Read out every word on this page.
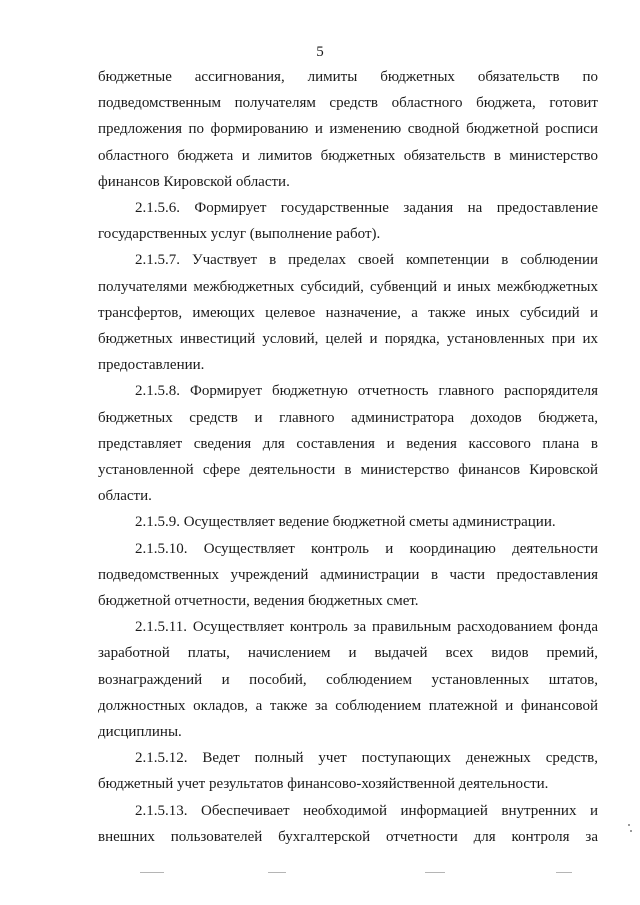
5

бюджетные ассигнования, лимиты бюджетных обязательств по подведомственным получателям средств областного бюджета, готовит предложения по формированию и изменению сводной бюджетной росписи областного бюджета и лимитов бюджетных обязательств в министерство финансов Кировской области.

2.1.5.6. Формирует государственные задания на предоставление государственных услуг (выполнение работ).

2.1.5.7. Участвует в пределах своей компетенции в соблюдении получателями межбюджетных субсидий, субвенций и иных межбюджетных трансфертов, имеющих целевое назначение, а также иных субсидий и бюджетных инвестиций условий, целей и порядка, установленных при их предоставлении.

2.1.5.8. Формирует бюджетную отчетность главного распорядителя бюджетных средств и главного администратора доходов бюджета, представляет сведения для составления и ведения кассового плана в установленной сфере деятельности в министерство финансов Кировской области.

2.1.5.9. Осуществляет ведение бюджетной сметы администрации.

2.1.5.10. Осуществляет контроль и координацию деятельности подведомственных учреждений администрации в части предоставления бюджетной отчетности, ведения бюджетных смет.

2.1.5.11. Осуществляет контроль за правильным расходованием фонда заработной платы, начислением и выдачей всех видов премий, вознаграждений и пособий, соблюдением установленных штатов, должностных окладов, а также за соблюдением платежной и финансовой дисциплины.

2.1.5.12. Ведет полный учет поступающих денежных средств, бюджетный учет результатов финансово-хозяйственной деятельности.

2.1.5.13. Обеспечивает необходимой информацией внутренних и внешних пользователей бухгалтерской отчетности для контроля за
